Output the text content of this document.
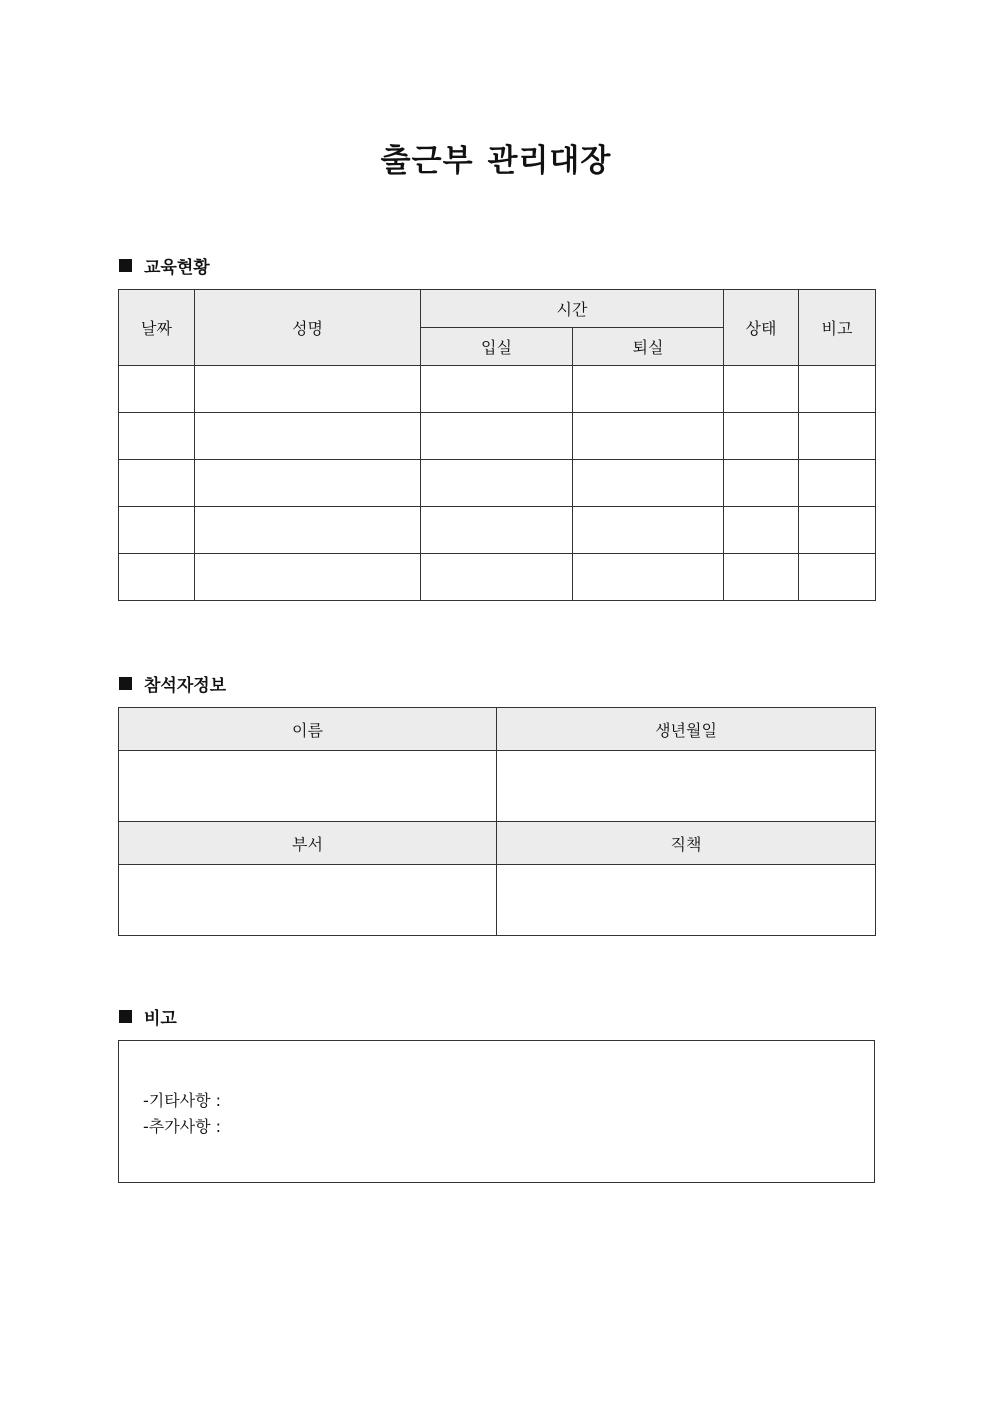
출근부 관리대장
교육현황
날짜	성명	시간		상태	비고
		입실	퇴실		

참석자정보
이름	생년월일

부서	직책

비고
-기타사항 :
-추가사항 :
